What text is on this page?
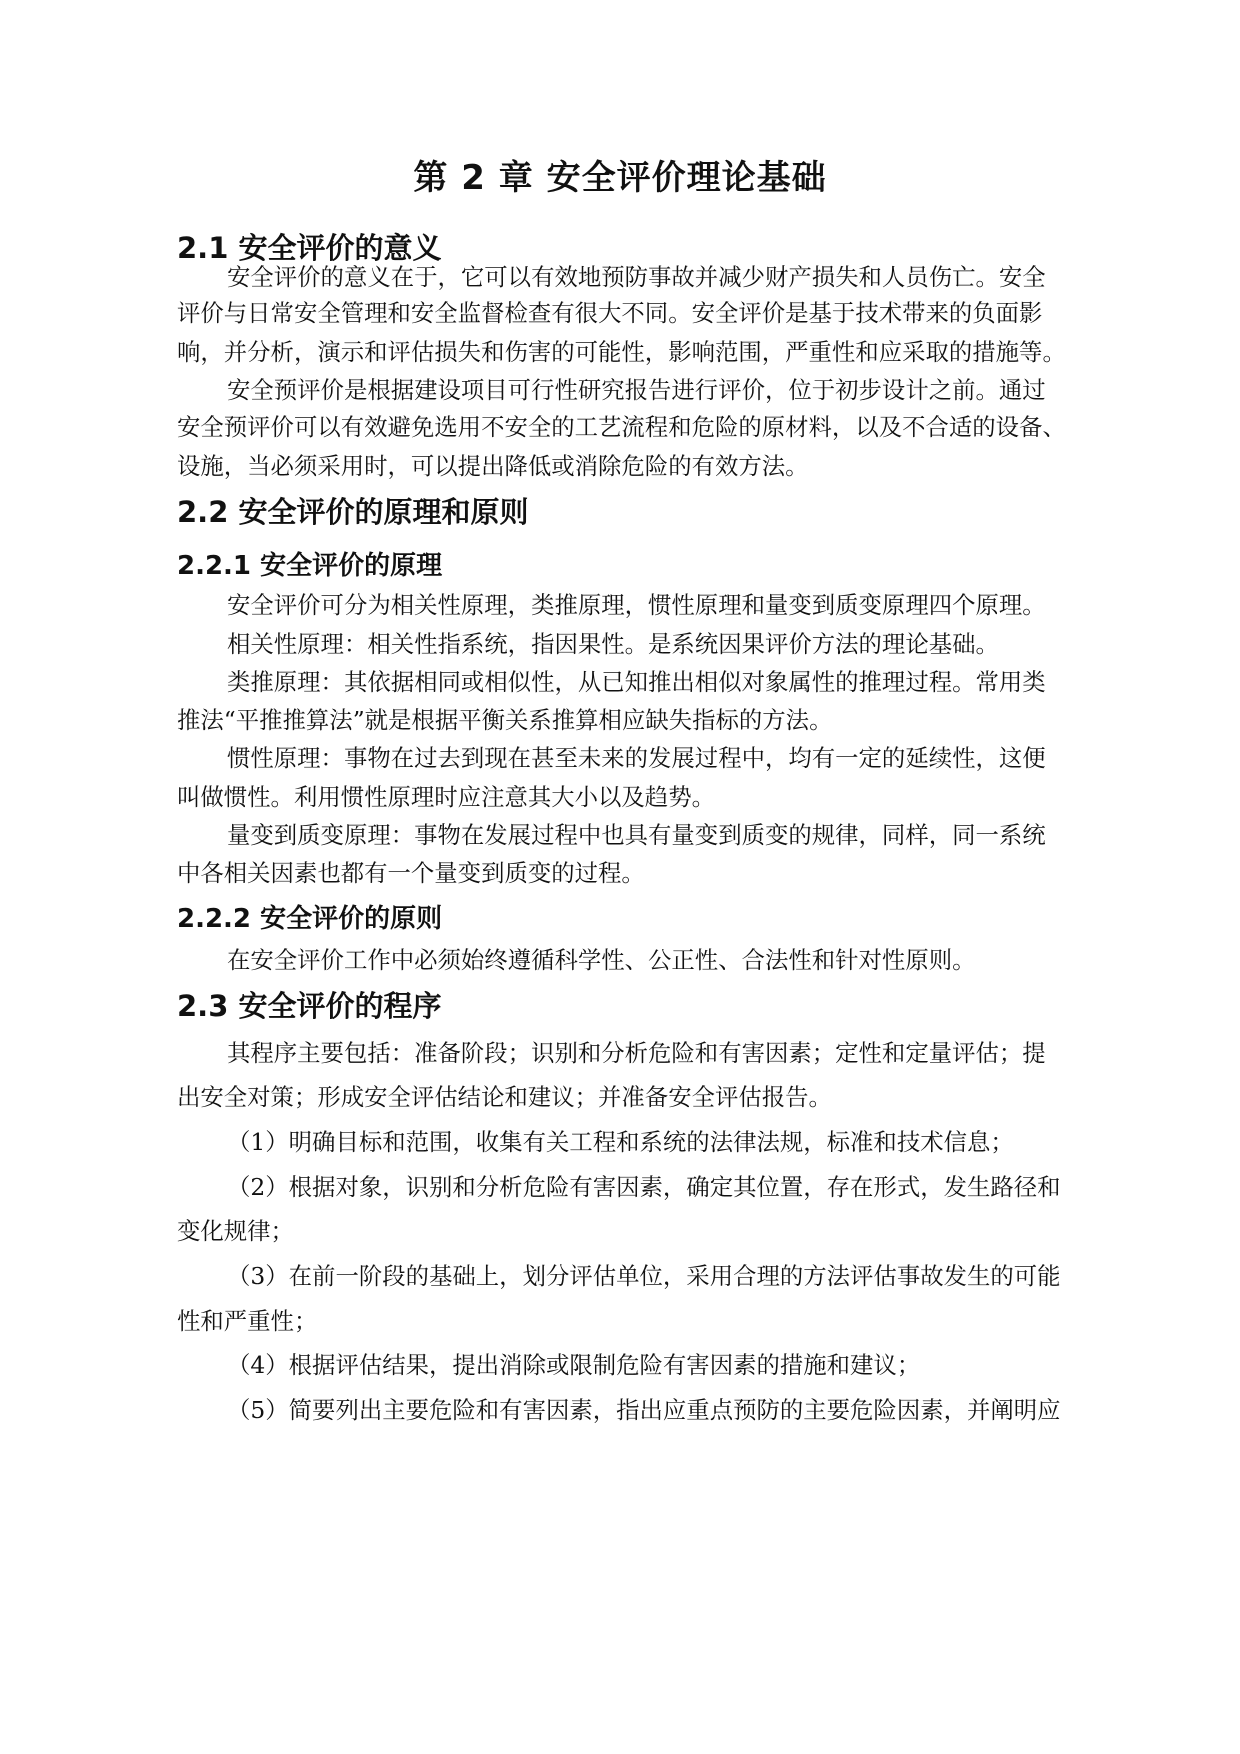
第 2 章 安全评价理论基础
2.1 安全评价的意义
安全评价的意义在于，它可以有效地预防事故并减少财产损失和人员伤亡。安全
评价与日常安全管理和安全监督检查有很大不同。安全评价是基于技术带来的负面影
响，并分析，演示和评估损失和伤害的可能性，影响范围，严重性和应采取的措施等。
安全预评价是根据建设项目可行性研究报告进行评价，位于初步设计之前。通过
安全预评价可以有效避免选用不安全的工艺流程和危险的原材料，以及不合适的设备、
设施，当必须采用时，可以提出降低或消除危险的有效方法。
2.2 安全评价的原理和原则
2.2.1 安全评价的原理
安全评价可分为相关性原理，类推原理，惯性原理和量变到质变原理四个原理。
相关性原理：相关性指系统，指因果性。是系统因果评价方法的理论基础。
类推原理：其依据相同或相似性，从已知推出相似对象属性的推理过程。常用类
推法“平推推算法”就是根据平衡关系推算相应缺失指标的方法。
惯性原理：事物在过去到现在甚至未来的发展过程中，均有一定的延续性，这便
叫做惯性。利用惯性原理时应注意其大小以及趋势。
量变到质变原理：事物在发展过程中也具有量变到质变的规律，同样，同一系统
中各相关因素也都有一个量变到质变的过程。
2.2.2 安全评价的原则
在安全评价工作中必须始终遵循科学性、公正性、合法性和针对性原则。
2.3 安全评价的程序
其程序主要包括：准备阶段；识别和分析危险和有害因素；定性和定量评估；提
出安全对策；形成安全评估结论和建议；并准备安全评估报告。
（1）明确目标和范围，收集有关工程和系统的法律法规，标准和技术信息；
（2）根据对象，识别和分析危险有害因素，确定其位置，存在形式，发生路径和
变化规律；
（3）在前一阶段的基础上，划分评估单位，采用合理的方法评估事故发生的可能
性和严重性；
（4）根据评估结果，提出消除或限制危险有害因素的措施和建议；
（5）简要列出主要危险和有害因素，指出应重点预防的主要危险因素，并阐明应
